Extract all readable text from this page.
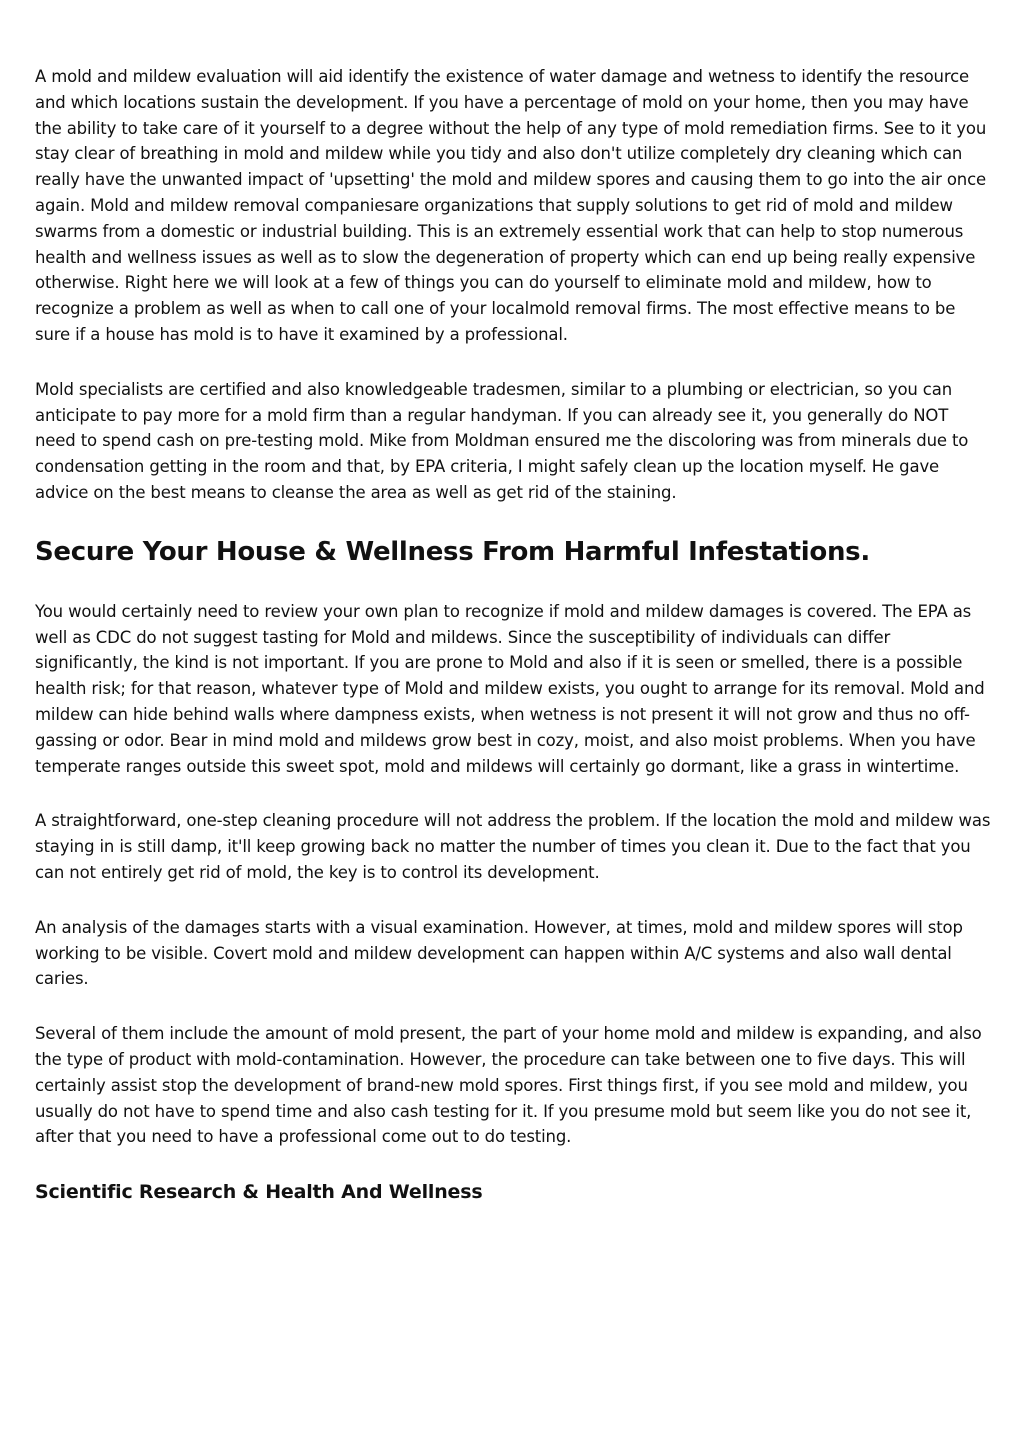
A mold and mildew evaluation will aid identify the existence of water damage and wetness to identify the resource and which locations sustain the development. If you have a percentage of mold on your home, then you may have the ability to take care of it yourself to a degree without the help of any type of mold remediation firms. See to it you stay clear of breathing in mold and mildew while you tidy and also don't utilize completely dry cleaning which can really have the unwanted impact of 'upsetting' the mold and mildew spores and causing them to go into the air once again. Mold and mildew removal companiesare organizations that supply solutions to get rid of mold and mildew swarms from a domestic or industrial building. This is an extremely essential work that can help to stop numerous health and wellness issues as well as to slow the degeneration of property which can end up being really expensive otherwise. Right here we will look at a few of things you can do yourself to eliminate mold and mildew, how to recognize a problem as well as when to call one of your localmold removal firms. The most effective means to be sure if a house has mold is to have it examined by a professional.

Mold specialists are certified and also knowledgeable tradesmen, similar to a plumbing or electrician, so you can anticipate to pay more for a mold firm than a regular handyman. If you can already see it, you generally do NOT need to spend cash on pre-testing mold. Mike from Moldman ensured me the discoloring was from minerals due to condensation getting in the room and that, by EPA criteria, I might safely clean up the location myself. He gave advice on the best means to cleanse the area as well as get rid of the staining.

Secure Your House & Wellness From Harmful Infestations.

You would certainly need to review your own plan to recognize if mold and mildew damages is covered. The EPA as well as CDC do not suggest tasting for Mold and mildews. Since the susceptibility of individuals can differ significantly, the kind is not important. If you are prone to Mold and also if it is seen or smelled, there is a possible health risk; for that reason, whatever type of Mold and mildew exists, you ought to arrange for its removal. Mold and mildew can hide behind walls where dampness exists, when wetness is not present it will not grow and thus no off-gassing or odor. Bear in mind mold and mildews grow best in cozy, moist, and also moist problems. When you have temperate ranges outside this sweet spot, mold and mildews will certainly go dormant, like a grass in wintertime.

A straightforward, one-step cleaning procedure will not address the problem. If the location the mold and mildew was staying in is still damp, it'll keep growing back no matter the number of times you clean it. Due to the fact that you can not entirely get rid of mold, the key is to control its development.

An analysis of the damages starts with a visual examination. However, at times, mold and mildew spores will stop working to be visible. Covert mold and mildew development can happen within A/C systems and also wall dental caries.

Several of them include the amount of mold present, the part of your home mold and mildew is expanding, and also the type of product with mold-contamination. However, the procedure can take between one to five days. This will certainly assist stop the development of brand-new mold spores. First things first, if you see mold and mildew, you usually do not have to spend time and also cash testing for it. If you presume mold but seem like you do not see it, after that you need to have a professional come out to do testing.

Scientific Research & Health And Wellness
